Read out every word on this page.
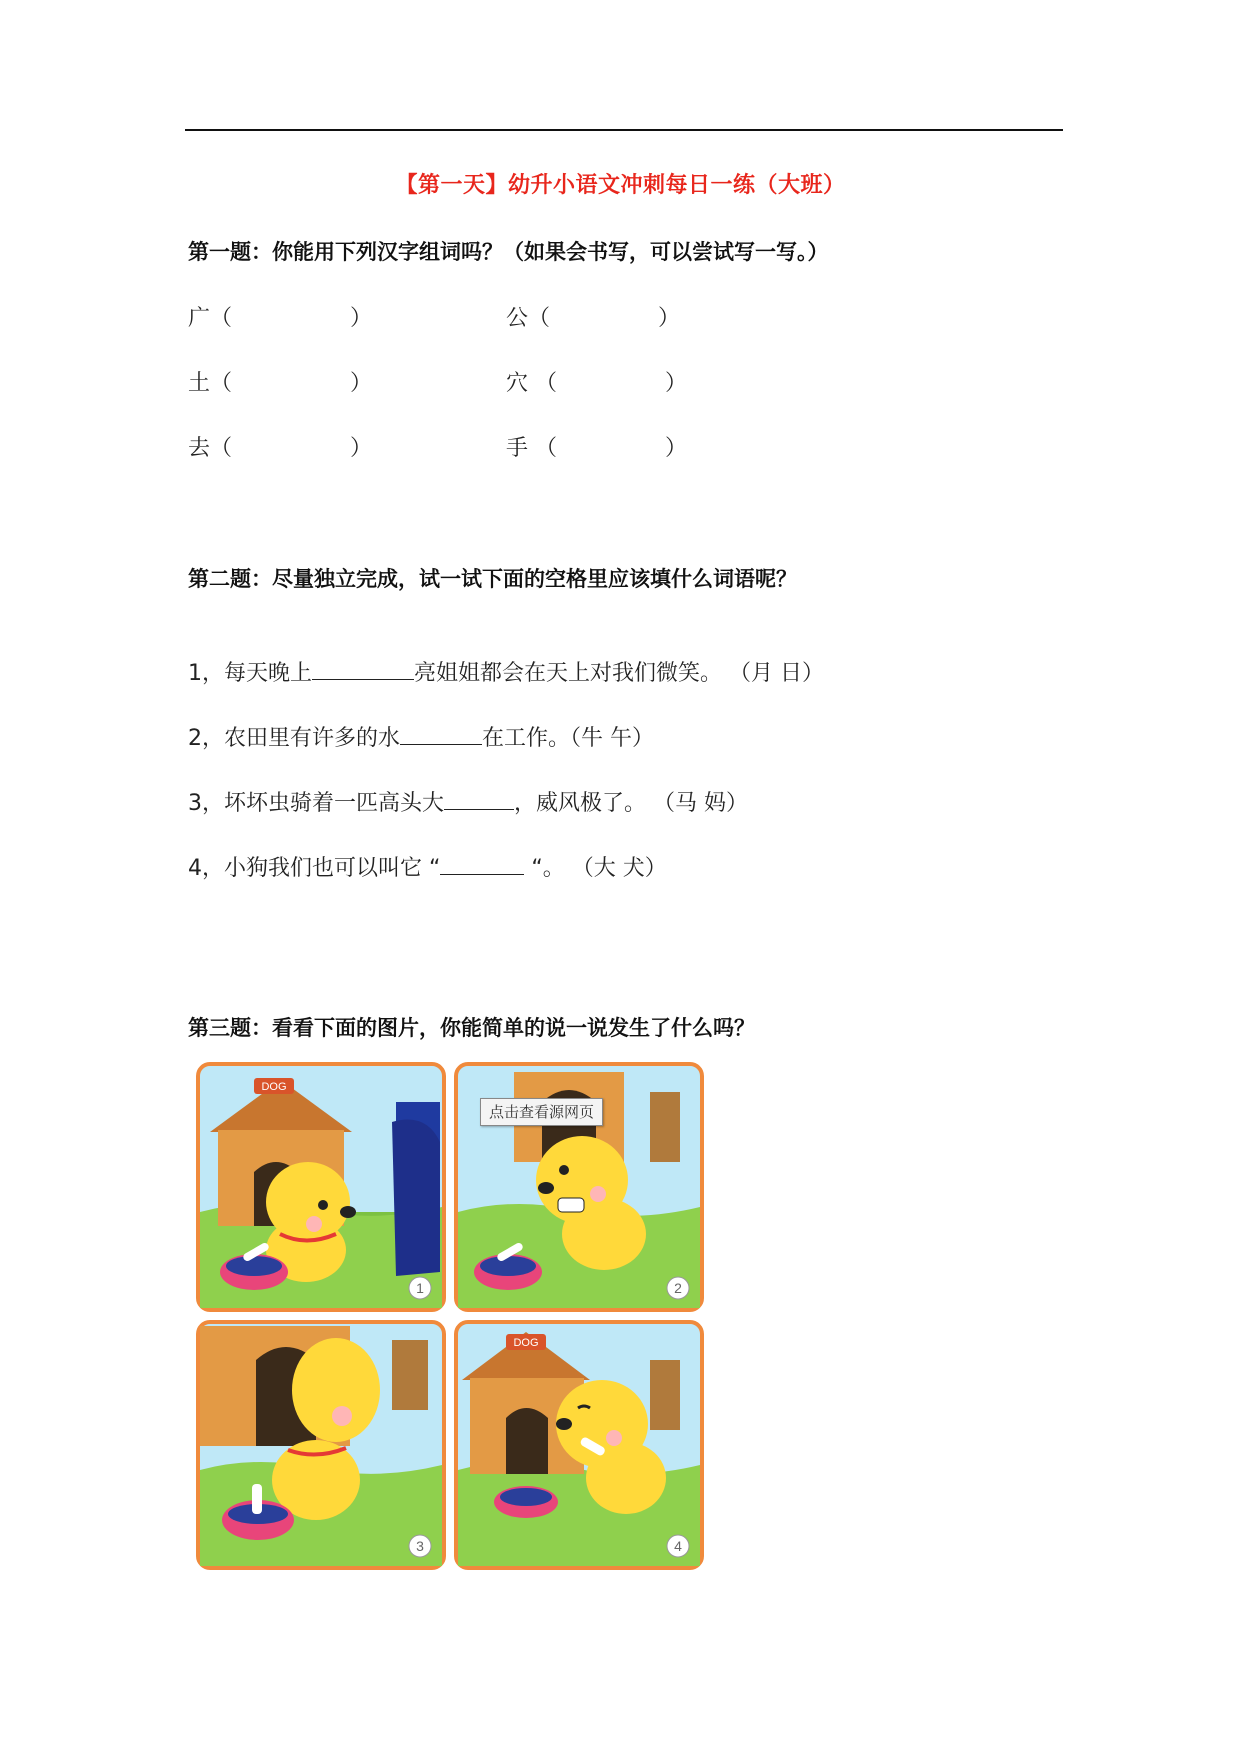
【第一天】幼升小语文冲刺每日一练（大班）
第一题：你能用下列汉字组词吗？（如果会书写，可以尝试写一写。）
广（	）	公（	）
土（	）	穴 （	）
去（	）	手 （	）
第二题：尽量独立完成，试一试下面的空格里应该填什么词语呢？
1，每天晚上	亮姐姐都会在天上对我们微笑。 （月 日）
2，农田里有许多的水	在工作。（牛 午）
3，坏坏虫骑着一匹高头大	，威风极了。 （马 妈）
4，小狗我们也可以叫它 “	“。 （大 犬）
第三题：看看下面的图片，你能简单的说一说发生了什么吗？
DOG
1	2
3
DOG
4
点击查看源网页
